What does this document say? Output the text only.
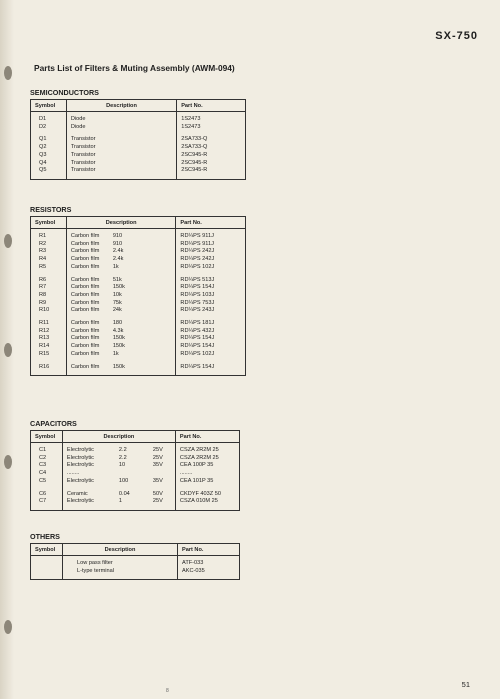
SX-750
Parts List of Filters & Muting Assembly (AWM-094)
SEMICONDUCTORS
Symbol	Description	Part No.

D1	Diode	1S2473
D2	Diode	1S2473

Q1	Transistor	2SA733-Q
Q2	Transistor	2SA733-Q
Q3	Transistor	2SC945-R
Q4	Transistor	2SC945-R
Q5	Transistor	2SC945-R

RESISTORS
Symbol	Description	Part No.

R1	Carbon film 910	RD¼PS 911J
R2	Carbon film 910	RD¼PS 911J
R3	Carbon film 2.4k	RD¼PS 242J
R4	Carbon film 2.4k	RD¼PS 242J
R5	Carbon film 1k	RD¼PS 102J

R6	Carbon film 51k	RD¼PS 513J
R7	Carbon film 150k	RD¼PS 154J
R8	Carbon film 10k	RD¼PS 103J
R9	Carbon film 75k	RD¼PS 753J
R10	Carbon film 24k	RD¼PS 243J

R11	Carbon film 180	RD¼PS 181J
R12	Carbon film 4.3k	RD¼PS 432J
R13	Carbon film 150k	RD¼PS 154J
R14	Carbon film 150k	RD¼PS 154J
R15	Carbon film 1k	RD¼PS 102J

R16	Carbon film 150k	RD¼PS 154J

CAPACITORS
Symbol	Description	Part No.

C1	Electrolytic 2.2 25V	CSZA 2R2M 25
C2	Electrolytic 2.2 25V	CSZA 2R2M 25
C3	Electrolytic 10 35V	CEA 100P 35
C4	........	........
C5	Electrolytic 100 35V	CEA 101P 35

C6	Ceramic 0.04 50V	CKDYF 403Z 50
C7	Electrolytic 1 25V	CSZA 010M 25

OTHERS
Symbol	Description	Part No.

	Low pass filter	ATF-033
	L-type terminal	AKC-035

8
51
